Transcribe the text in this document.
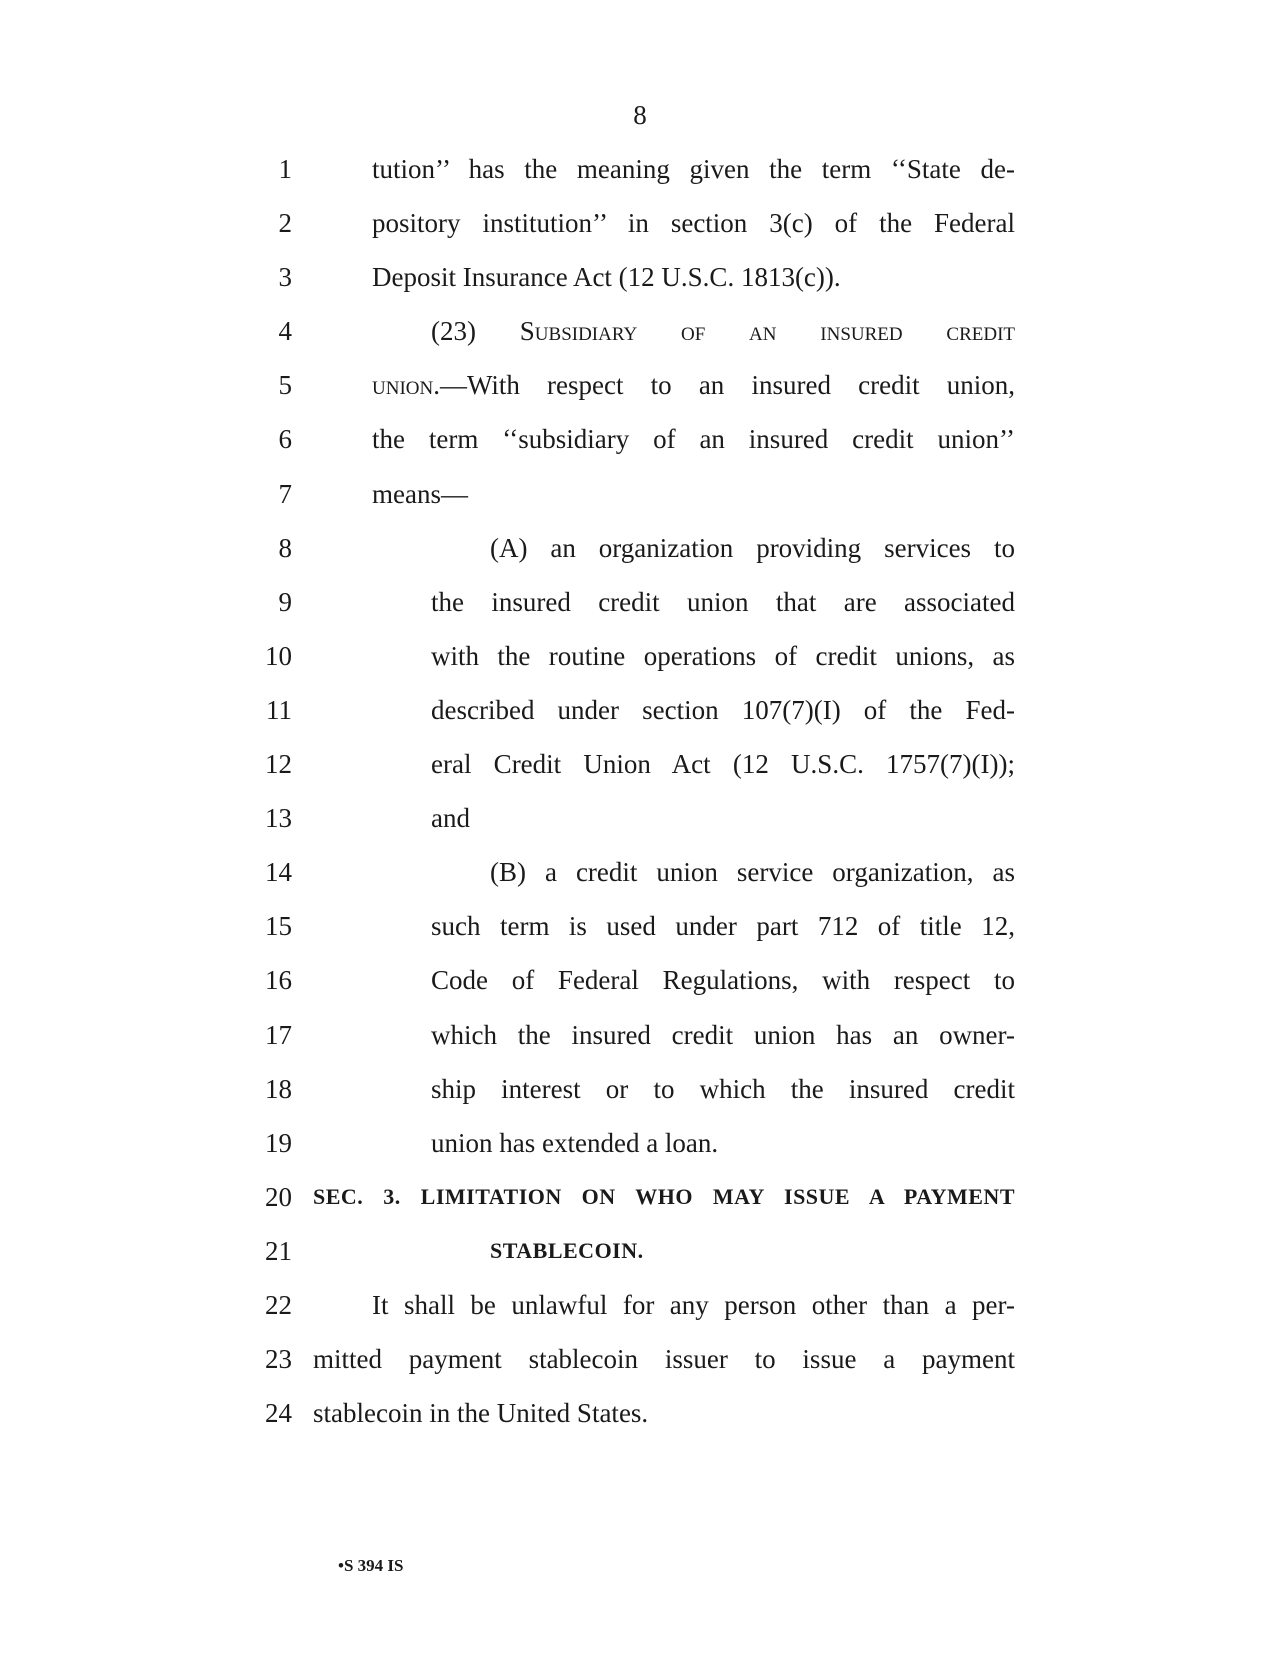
8
1	tution’’ has the meaning given the term ‘‘State de-
2	pository institution’’ in section 3(c) of the Federal
3	Deposit Insurance Act (12 U.S.C. 1813(c)).
4	(23) Subsidiary of an insured credit
5	union.—With respect to an insured credit union,
6	the term ‘‘subsidiary of an insured credit union’’
7	means—
8	(A) an organization providing services to
9	the insured credit union that are associated
10	with the routine operations of credit unions, as
11	described under section 107(7)(I) of the Fed-
12	eral Credit Union Act (12 U.S.C. 1757(7)(I));
13	and
14	(B) a credit union service organization, as
15	such term is used under part 712 of title 12,
16	Code of Federal Regulations, with respect to
17	which the insured credit union has an owner-
18	ship interest or to which the insured credit
19	union has extended a loan.
20 SEC. 3. LIMITATION ON WHO MAY ISSUE A PAYMENT
21	STABLECOIN.
22	It shall be unlawful for any person other than a per-
23 mitted payment stablecoin issuer to issue a payment
24 stablecoin in the United States.
•S 394 IS
